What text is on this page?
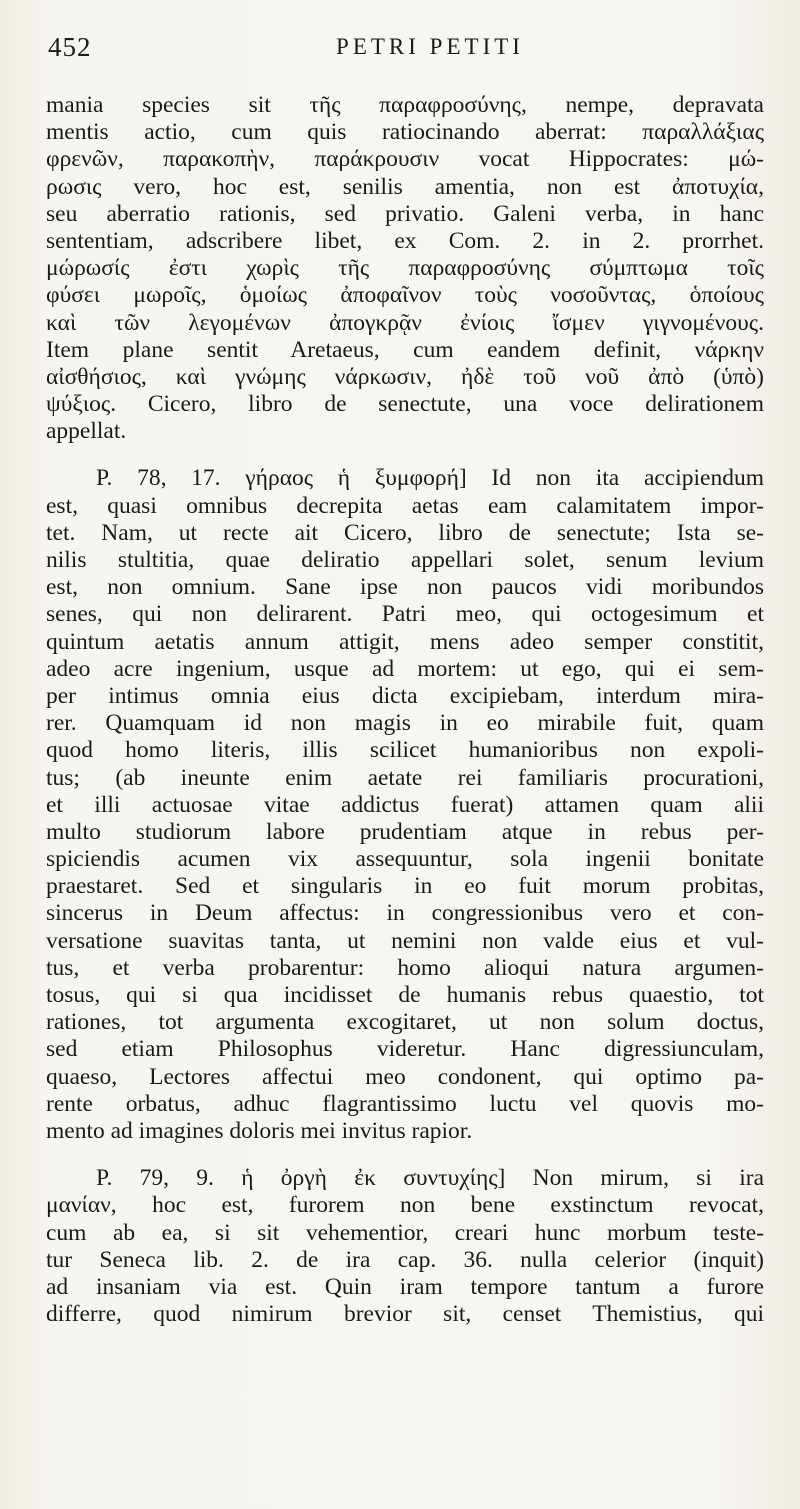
452	PETRI PETITI
mania species sit τῆς παραφροσύνης, nempe, depravata
mentis actio, cum quis ratiocinando aberrat: παραλλάξιας
φρενῶν, παρακοπὴν, παράκρουσιν vocat Hippocrates: μώ-
ρωσις vero, hoc est, senilis amentia, non est ἀποτυχία,
seu aberratio rationis, sed privatio. Galeni verba, in hanc
sententiam, adscribere libet, ex Com. 2. in 2. prorrhet.
μώρωσίς ἐστι χωρὶς τῆς παραφροσύνης σύμπτωμα τοῖς
φύσει μωροῖς, ὁμοίως ἀποφαῖνον τοὺς νοσοῦντας, ὁποίους
καὶ τῶν λεγομένων ἀπογκρᾷν ἐνίοις ἴσμεν γιγνομένους.
Item plane sentit Aretaeus, cum eandem definit, νάρκην
αἰσθήσιος, καὶ γνώμης νάρκωσιν, ἠδὲ τοῦ νοῦ ἀπὸ (ὑπὸ)
ψύξιος. Cicero, libro de senectute, una voce delirationem
appellat.
P. 78, 17. γήραος ἡ ξυμφορή] Id non ita accipiendum
est, quasi omnibus decrepita aetas eam calamitatem impor-
tet. Nam, ut recte ait Cicero, libro de senectute; Ista se-
nilis stultitia, quae deliratio appellari solet, senum levium
est, non omnium. Sane ipse non paucos vidi moribundos
senes, qui non delirarent. Patri meo, qui octogesimum et
quintum aetatis annum attigit, mens adeo semper constitit,
adeo acre ingenium, usque ad mortem: ut ego, qui ei sem-
per intimus omnia eius dicta excipiebam, interdum mira-
rer. Quamquam id non magis in eo mirabile fuit, quam
quod homo literis, illis scilicet humanioribus non expoli-
tus; (ab ineunte enim aetate rei familiaris procurationi,
et illi actuosae vitae addictus fuerat) attamen quam alii
multo studiorum labore prudentiam atque in rebus per-
spiciendis acumen vix assequuntur, sola ingenii bonitate
praestaret. Sed et singularis in eo fuit morum probitas,
sincerus in Deum affectus: in congressionibus vero et con-
versatione suavitas tanta, ut nemini non valde eius et vul-
tus, et verba probarentur: homo alioqui natura argumen-
tosus, qui si qua incidisset de humanis rebus quaestio, tot
rationes, tot argumenta excogitaret, ut non solum doctus,
sed etiam Philosophus videretur. Hanc digressiunculam,
quaeso, Lectores affectui meo condonent, qui optimo pa-
rente orbatus, adhuc flagrantissimo luctu vel quovis mo-
mento ad imagines doloris mei invitus rapior.
P. 79, 9. ἡ ὀργὴ ἐκ συντυχίης] Non mirum, si ira
μανίαν, hoc est, furorem non bene exstinctum revocat,
cum ab ea, si sit vehementior, creari hunc morbum teste-
tur Seneca lib. 2. de ira cap. 36. nulla celerior (inquit)
ad insaniam via est. Quin iram tempore tantum a furore
differre, quod nimirum brevior sit, censet Themistius, qui
